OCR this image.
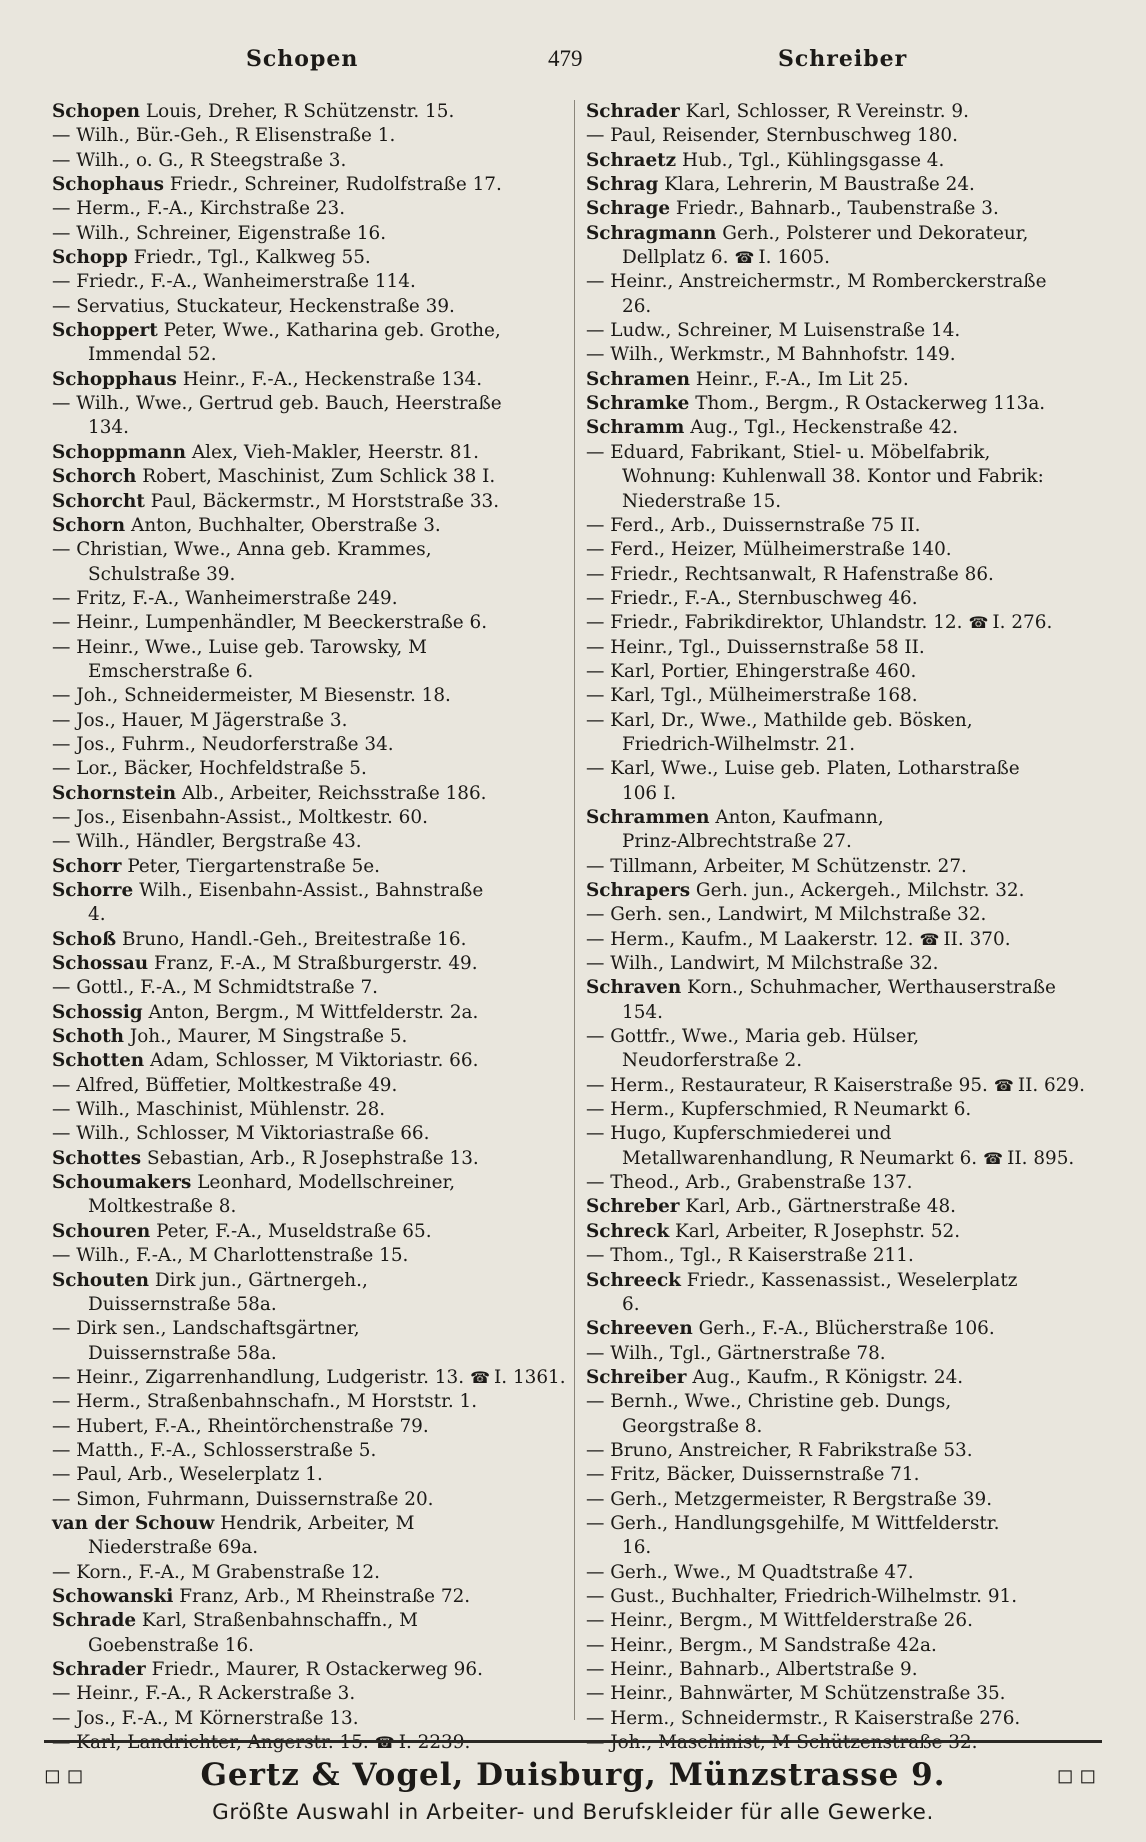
Schopen	479	Schreiber
Schopen Louis, Dreher, R Schützenstr. 15.
— Wilh., Bür.-Geh., R Elisenstraße 1.
— Wilh., o. G., R Steegstraße 3.
Schophaus Friedr., Schreiner, Rudolfstraße 17.
— Herm., F.-A., Kirchstraße 23.
— Wilh., Schreiner, Eigenstraße 16.
Schopp Friedr., Tgl., Kalkweg 55.
— Friedr., F.-A., Wanheimerstraße 114.
— Servatius, Stuckateur, Heckenstraße 39.
Schoppert Peter, Wwe., Katharina geb. Grothe,
Immendal 52.
Schopphaus Heinr., F.-A., Heckenstraße 134.
— Wilh., Wwe., Gertrud geb. Bauch, Heerstraße
134.
Schoppmann Alex, Vieh-Makler, Heerstr. 81.
Schorch Robert, Maschinist, Zum Schlick 38 I.
Schorcht Paul, Bäckermstr., M Horststraße 33.
Schorn Anton, Buchhalter, Oberstraße 3.
— Christian, Wwe., Anna geb. Krammes,
Schulstraße 39.
— Fritz, F.-A., Wanheimerstraße 249.
— Heinr., Lumpenhändler, M Beeckerstraße 6.
— Heinr., Wwe., Luise geb. Tarowsky, M
Emscherstraße 6.
— Joh., Schneidermeister, M Biesenstr. 18.
— Jos., Hauer, M Jägerstraße 3.
— Jos., Fuhrm., Neudorferstraße 34.
— Lor., Bäcker, Hochfeldstraße 5.
Schornstein Alb., Arbeiter, Reichsstraße 186.
— Jos., Eisenbahn-Assist., Moltkestr. 60.
— Wilh., Händler, Bergstraße 43.
Schorr Peter, Tiergartenstraße 5e.
Schorre Wilh., Eisenbahn-Assist., Bahnstraße
4.
Schoß Bruno, Handl.-Geh., Breitestraße 16.
Schossau Franz, F.-A., M Straßburgerstr. 49.
— Gottl., F.-A., M Schmidtstraße 7.
Schossig Anton, Bergm., M Wittfelderstr. 2a.
Schoth Joh., Maurer, M Singstraße 5.
Schotten Adam, Schlosser, M Viktoriastr. 66.
— Alfred, Büffetier, Moltkestraße 49.
— Wilh., Maschinist, Mühlenstr. 28.
— Wilh., Schlosser, M Viktoriastraße 66.
Schottes Sebastian, Arb., R Josephstraße 13.
Schoumakers Leonhard, Modellschreiner,
Moltkestraße 8.
Schouren Peter, F.-A., Museldstraße 65.
— Wilh., F.-A., M Charlottenstraße 15.
Schouten Dirk jun., Gärtnergeh.,
Duissernstraße 58a.
— Dirk sen., Landschaftsgärtner,
Duissernstraße 58a.
— Heinr., Zigarrenhandlung, Ludgeristr. 13. ☎ I. 1361.
— Herm., Straßenbahnschafn., M Horststr. 1.
— Hubert, F.-A., Rheintörchenstraße 79.
— Matth., F.-A., Schlosserstraße 5.
— Paul, Arb., Weselerplatz 1.
— Simon, Fuhrmann, Duissernstraße 20.
van der Schouw Hendrik, Arbeiter, M
Niederstraße 69a.
— Korn., F.-A., M Grabenstraße 12.
Schowanski Franz, Arb., M Rheinstraße 72.
Schrade Karl, Straßenbahnschaffn., M
Goebenstraße 16.
Schrader Friedr., Maurer, R Ostackerweg 96.
— Heinr., F.-A., R Ackerstraße 3.
— Jos., F.-A., M Körnerstraße 13.
Schrader Karl, Schlosser, R Vereinstr. 9.
— Paul, Reisender, Sternbuschweg 180.
Schraetz Hub., Tgl., Kühlingsgasse 4.
Schrag Klara, Lehrerin, M Baustraße 24.
Schrage Friedr., Bahnarb., Taubenstraße 3.
Schragmann Gerh., Polsterer und Dekorateur,
Dellplatz 6. ☎ I. 1605.
— Heinr., Anstreichermstr., M Romberckerstraße
26.
— Ludw., Schreiner, M Luisenstraße 14.
— Wilh., Werkmstr., M Bahnhofstr. 149.
Schramen Heinr., F.-A., Im Lit 25.
Schramke Thom., Bergm., R Ostackerweg 113a.
Schramm Aug., Tgl., Heckenstraße 42.
— Eduard, Fabrikant, Stiel- u. Möbelfabrik,
Wohnung: Kuhlenwall 38. Kontor und Fabrik:
Niederstraße 15.
— Ferd., Arb., Duissernstraße 75 II.
— Ferd., Heizer, Mülheimerstraße 140.
— Friedr., Rechtsanwalt, R Hafenstraße 86.
— Friedr., F.-A., Sternbuschweg 46.
— Friedr., Fabrikdirektor, Uhlandstr. 12. ☎ I. 276.
— Heinr., Tgl., Duissernstraße 58 II.
— Karl, Portier, Ehingerstraße 460.
— Karl, Tgl., Mülheimerstraße 168.
— Karl, Dr., Wwe., Mathilde geb. Bösken,
Friedrich-Wilhelmstr. 21.
— Karl, Wwe., Luise geb. Platen, Lotharstraße
106 I.
Schrammen Anton, Kaufmann,
Prinz-Albrechtstraße 27.
— Tillmann, Arbeiter, M Schützenstr. 27.
Schrapers Gerh. jun., Ackergeh., Milchstr. 32.
— Gerh. sen., Landwirt, M Milchstraße 32.
— Herm., Kaufm., M Laakerstr. 12. ☎ II. 370.
— Wilh., Landwirt, M Milchstraße 32.
Schraven Korn., Schuhmacher, Werthauserstraße
154.
— Gottfr., Wwe., Maria geb. Hülser,
Neudorferstraße 2.
— Herm., Restaurateur, R Kaiserstraße 95. ☎ II. 629.
— Herm., Kupferschmied, R Neumarkt 6.
— Hugo, Kupferschmiederei und
Metallwarenhandlung, R Neumarkt 6. ☎ II. 895.
— Theod., Arb., Grabenstraße 137.
Schreber Karl, Arb., Gärtnerstraße 48.
Schreck Karl, Arbeiter, R Josephstr. 52.
— Thom., Tgl., R Kaiserstraße 211.
Schreeck Friedr., Kassenassist., Weselerplatz
6.
Schreeven Gerh., F.-A., Blücherstraße 106.
— Wilh., Tgl., Gärtnerstraße 78.
Schreiber Aug., Kaufm., R Königstr. 24.
— Bernh., Wwe., Christine geb. Dungs,
Georgstraße 8.
— Bruno, Anstreicher, R Fabrikstraße 53.
— Fritz, Bäcker, Duissernstraße 71.
— Gerh., Metzgermeister, R Bergstraße 39.
— Gerh., Handlungsgehilfe, M Wittfelderstr.
16.
— Gerh., Wwe., M Quadtstraße 47.
— Gust., Buchhalter, Friedrich-Wilhelmstr. 91.
— Heinr., Bergm., M Wittfelderstraße 26.
— Heinr., Bergm., M Sandstraße 42a.
— Heinr., Bahnarb., Albertstraße 9.
— Heinr., Bahnwärter, M Schützenstraße 35.
— Herm., Schneidermstr., R Kaiserstraße 276.
◻◻	Gertz & Vogel, Duisburg, Münzstrasse 9.	◻◻
Größte Auswahl in Arbeiter- und Berufskleider für alle Gewerke.
